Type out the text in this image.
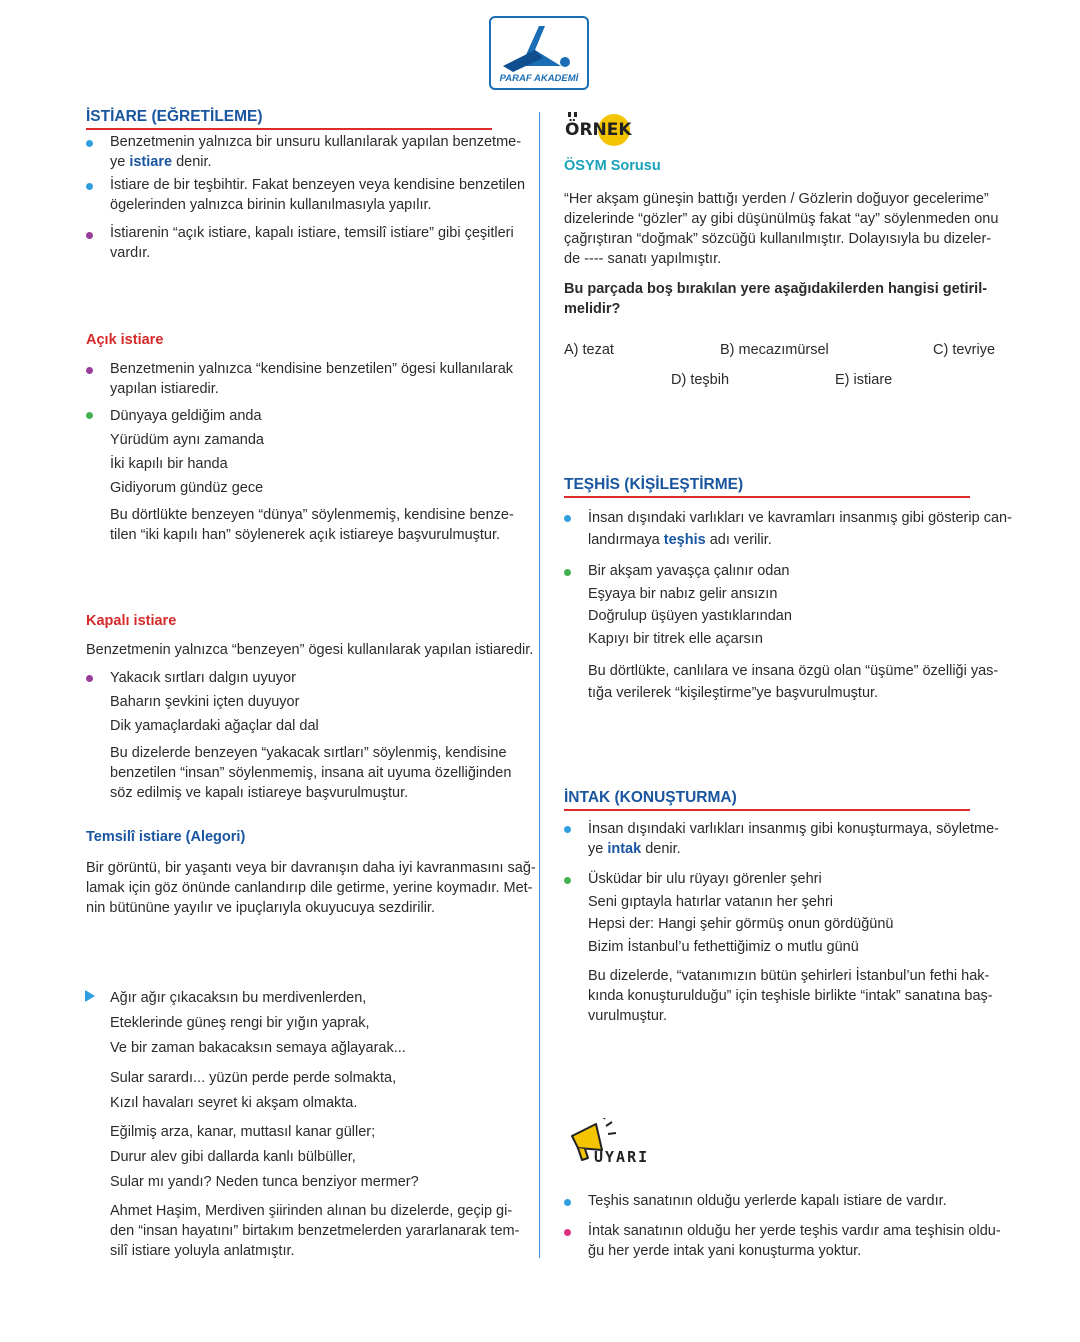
PARAF AKADEMİ
İSTİARE (EĞRETİLEME)
Benzetmenin yalnızca bir unsuru kullanılarak yapılan benzetme-
ye istiare denir.
İstiare de bir teşbihtir. Fakat benzeyen veya kendisine benzetilen
ögelerinden yalnızca birinin kullanılmasıyla yapılır.
İstiarenin “açık istiare, kapalı istiare, temsilî istiare” gibi çeşitleri
vardır.
Açık istiare
Benzetmenin yalnızca “kendisine benzetilen” ögesi kullanılarak
yapılan istiaredir.
Dünyaya geldiğim anda
Yürüdüm aynı zamanda
İki kapılı bir handa
Gidiyorum gündüz gece
Bu dörtlükte benzeyen “dünya” söylenmemiş, kendisine benze-
tilen “iki kapılı han” söylenerek açık istiareye başvurulmuştur.
Kapalı istiare
Benzetmenin yalnızca “benzeyen” ögesi kullanılarak yapılan istiaredir.
Yakacık sırtları dalgın uyuyor
Baharın şevkini içten duyuyor
Dik yamaçlardaki ağaçlar dal dal
Bu dizelerde benzeyen “yakacak sırtları” söylenmiş, kendisine
benzetilen “insan” söylenmemiş, insana ait uyuma özelliğinden
söz edilmiş ve kapalı istiareye başvurulmuştur.
Temsilî istiare (Alegori)
Bir görüntü, bir yaşantı veya bir davranışın daha iyi kavranmasını sağ-
lamak için göz önünde canlandırıp dile getirme, yerine koymadır. Met-
nin bütününe yayılır ve ipuçlarıyla okuyucuya sezdirilir.
Ağır ağır çıkacaksın bu merdivenlerden,
Eteklerinde güneş rengi bir yığın yaprak,
Ve bir zaman bakacaksın semaya ağlayarak...
Sular sarardı... yüzün perde perde solmakta,
Kızıl havaları seyret ki akşam olmakta.
Eğilmiş arza, kanar, muttasıl kanar güller;
Durur alev gibi dallarda kanlı bülbüller,
Sular mı yandı? Neden tunca benziyor mermer?
Ahmet Haşim, Merdiven şiirinden alınan bu dizelerde, geçip gi-
den “insan hayatını” birtakım benzetmelerden yararlanarak tem-
silî istiare yoluyla anlatmıştır.
ÖRNEK
ÖSYM Sorusu
“Her akşam güneşin battığı yerden / Gözlerin doğuyor gecelerime”
dizelerinde “gözler” ay gibi düşünülmüş fakat “ay” söylenmeden onu
çağrıştıran “doğmak” sözcüğü kullanılmıştır. Dolayısıyla bu dizeler-
de ---- sanatı yapılmıştır.
Bu parçada boş bırakılan yere aşağıdakilerden hangisi getiril-
melidir?
A) tezat	B) mecazımürsel	C) tevriye
D) teşbih	E) istiare
TEŞHİS (KİŞİLEŞTİRME)
İnsan dışındaki varlıkları ve kavramları insanmış gibi gösterip can-
landırmaya teşhis adı verilir.
Bir akşam yavaşça çalınır odan
Eşyaya bir nabız gelir ansızın
Doğrulup üşüyen yastıklarından
Kapıyı bir titrek elle açarsın
Bu dörtlükte, canlılara ve insana özgü olan “üşüme” özelliği yas-
tığa verilerek “kişileştirme”ye başvurulmuştur.
İNTAK (KONUŞTURMA)
İnsan dışındaki varlıkları insanmış gibi konuşturmaya, söyletme-
ye intak denir.
Üsküdar bir ulu rüyayı görenler şehri
Seni gıptayla hatırlar vatanın her şehri
Hepsi der: Hangi şehir görmüş onun gördüğünü
Bizim İstanbul’u fethettiğimiz o mutlu günü
Bu dizelerde, “vatanımızın bütün şehirleri İstanbul’un fethi hak-
kında konuşturulduğu” için teşhisle birlikte “intak” sanatına baş-
vurulmuştur.
UYARI
Teşhis sanatının olduğu yerlerde kapalı istiare de vardır.
İntak sanatının olduğu her yerde teşhis vardır ama teşhisin oldu-
ğu her yerde intak yani konuşturma yoktur.
